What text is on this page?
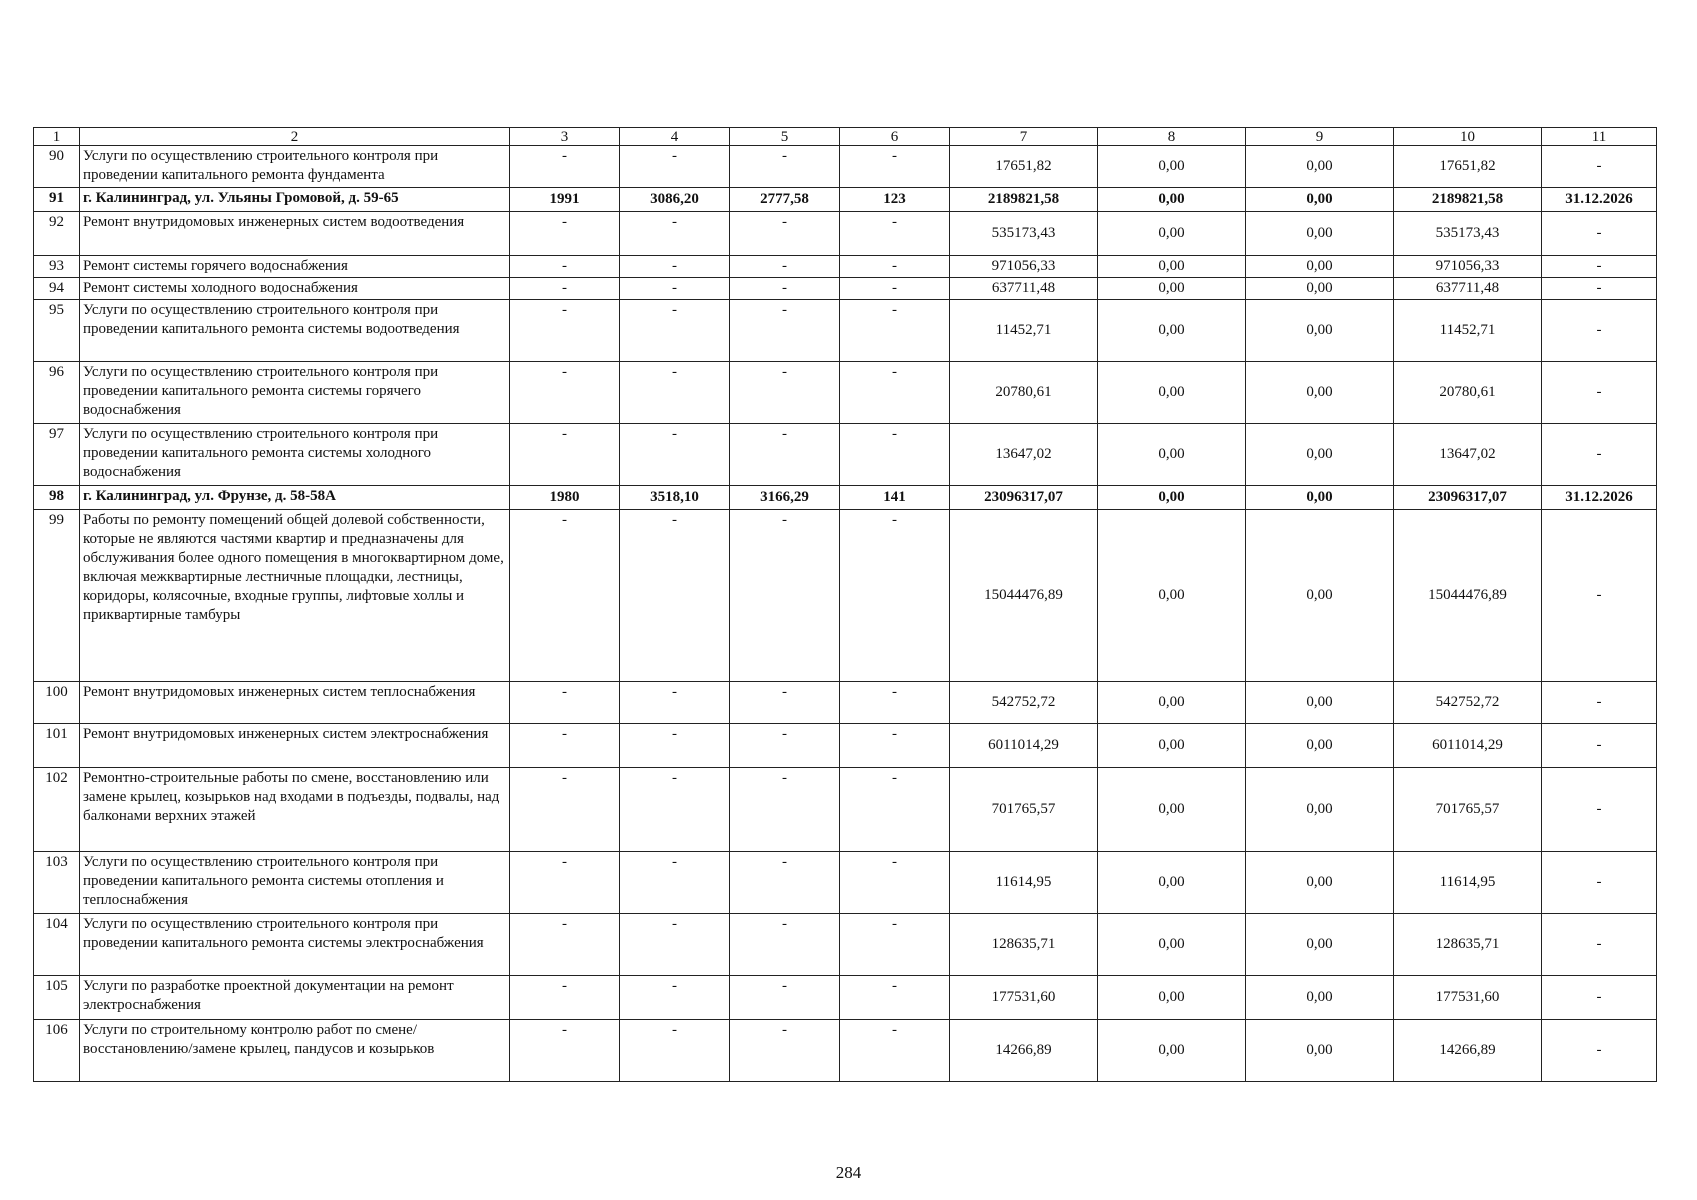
1	2	3	4	5	6	7	8	9	10	11
90	Услуги по осуществлению строительного контроля при проведении капитального ремонта фундамента	-	-	-	-	17651,82	0,00	0,00	17651,82	-
91	г. Калининград, ул. Ульяны Громовой, д. 59-65	1991	3086,20	2777,58	123	2189821,58	0,00	0,00	2189821,58	31.12.2026
92	Ремонт внутридомовых инженерных систем водоотведения	-	-	-	-	535173,43	0,00	0,00	535173,43	-
93	Ремонт системы горячего водоснабжения	-	-	-	-	971056,33	0,00	0,00	971056,33	-
94	Ремонт системы холодного водоснабжения	-	-	-	-	637711,48	0,00	0,00	637711,48	-
95	Услуги по осуществлению строительного контроля при проведении капитального ремонта системы водоотведения	-	-	-	-	11452,71	0,00	0,00	11452,71	-
96	Услуги по осуществлению строительного контроля при проведении капитального ремонта системы горячего водоснабжения	-	-	-	-	20780,61	0,00	0,00	20780,61	-
97	Услуги по осуществлению строительного контроля при проведении капитального ремонта системы холодного водоснабжения	-	-	-	-	13647,02	0,00	0,00	13647,02	-
98	г. Калининград, ул. Фрунзе, д. 58-58А	1980	3518,10	3166,29	141	23096317,07	0,00	0,00	23096317,07	31.12.2026
99	Работы по ремонту помещений общей долевой собственности, которые не являются частями квартир и предназначены для обслуживания более одного помещения в многоквартирном доме, включая межквартирные лестничные площадки, лестницы, коридоры, колясочные, входные группы, лифтовые холлы и приквартирные тамбуры	-	-	-	-	15044476,89	0,00	0,00	15044476,89	-
100	Ремонт внутридомовых инженерных систем теплоснабжения	-	-	-	-	542752,72	0,00	0,00	542752,72	-
101	Ремонт внутридомовых инженерных систем электроснабжения	-	-	-	-	6011014,29	0,00	0,00	6011014,29	-
102	Ремонтно-строительные работы по смене, восстановлению или замене крылец, козырьков над входами в подъезды, подвалы, над балконами верхних этажей	-	-	-	-	701765,57	0,00	0,00	701765,57	-
103	Услуги по осуществлению строительного контроля при проведении капитального ремонта системы отопления и теплоснабжения	-	-	-	-	11614,95	0,00	0,00	11614,95	-
104	Услуги по осуществлению строительного контроля при проведении капитального ремонта системы электроснабжения	-	-	-	-	128635,71	0,00	0,00	128635,71	-
105	Услуги по разработке проектной документации на ремонт электроснабжения	-	-	-	-	177531,60	0,00	0,00	177531,60	-
106	Услуги по строительному контролю работ по смене/восстановлению/замене крылец, пандусов и козырьков	-	-	-	-	14266,89	0,00	0,00	14266,89	-
284
